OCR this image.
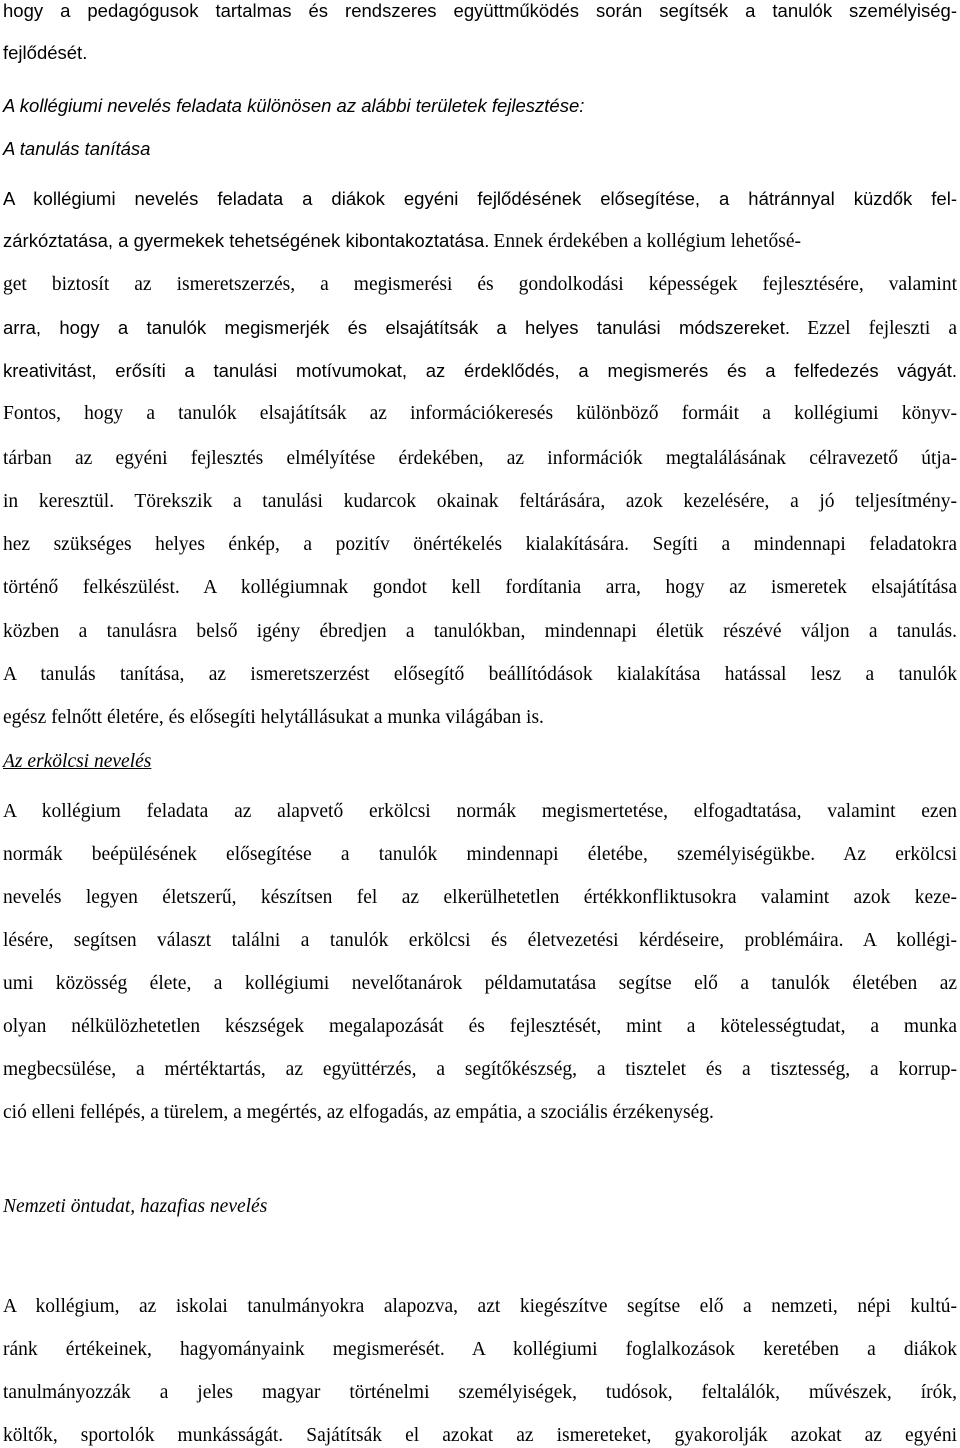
hogy a pedagógusok tartalmas és rendszeres együttműködés során segítsék a tanulók személyiség-

fejlődését.

A kollégiumi nevelés feladata különösen az alábbi területek fejlesztése:

A tanulás tanítása

A kollégiumi nevelés feladata a diákok egyéni fejlődésének elősegítése, a hátránnyal küzdők fel-

zárkóztatása, a gyermekek tehetségének kibontakoztatása. Ennek érdekében a kollégium lehetősé-

get biztosít az ismeretszerzés, a megismerési és gondolkodási képességek fejlesztésére, valamint

arra, hogy a tanulók megismerjék és elsajátítsák a helyes tanulási módszereket. Ezzel fejleszti a

kreativitást, erősíti a tanulási motívumokat, az érdeklődés, a megismerés és a felfedezés vágyát.

Fontos, hogy a tanulók elsajátítsák az információkeresés különböző formáit a kollégiumi könyv-

tárban az egyéni fejlesztés elmélyítése érdekében, az információk megtalálásának célravezető útja-

in keresztül. Törekszik a tanulási kudarcok okainak feltárására, azok kezelésére, a jó teljesítmény-

hez szükséges helyes énkép, a pozitív önértékelés kialakítására. Segíti a mindennapi feladatokra

történő felkészülést. A kollégiumnak gondot kell fordítania arra, hogy az ismeretek elsajátítása

közben a tanulásra belső igény ébredjen a tanulókban, mindennapi életük részévé váljon a tanulás.

A tanulás tanítása, az ismeretszerzést elősegítő beállítódások kialakítása hatással lesz a tanulók

egész felnőtt életére, és elősegíti helytállásukat a munka világában is.

Az erkölcsi nevelés

A kollégium feladata az alapvető erkölcsi normák megismertetése, elfogadtatása, valamint ezen

normák beépülésének elősegítése a tanulók mindennapi életébe, személyiségükbe. Az erkölcsi

nevelés legyen életszerű, készítsen fel az elkerülhetetlen értékkonfliktusokra valamint azok keze-

lésére, segítsen választ találni a tanulók erkölcsi és életvezetési kérdéseire, problémáira. A kollégi-

umi közösség élete, a kollégiumi nevelőtanárok példamutatása segítse elő a tanulók életében az

olyan nélkülözhetetlen készségek megalapozását és fejlesztését, mint a kötelességtudat, a munka

megbecsülése, a mértéktartás, az együttérzés, a segítőkészség, a tisztelet és a tisztesség, a korrup-

ció elleni fellépés, a türelem, a megértés, az elfogadás, az empátia, a szociális érzékenység.

Nemzeti öntudat, hazafias nevelés

A kollégium, az iskolai tanulmányokra alapozva, azt kiegészítve segítse elő a nemzeti, népi kultú-

ránk értékeinek, hagyományaink megismerését. A kollégiumi foglalkozások keretében a diákok

tanulmányozzák a jeles magyar történelmi személyiségek, tudósok, feltalálók, művészek, írók,

költők, sportolók munkásságát. Sajátítsák el azokat az ismereteket, gyakorolják azokat az egyéni
